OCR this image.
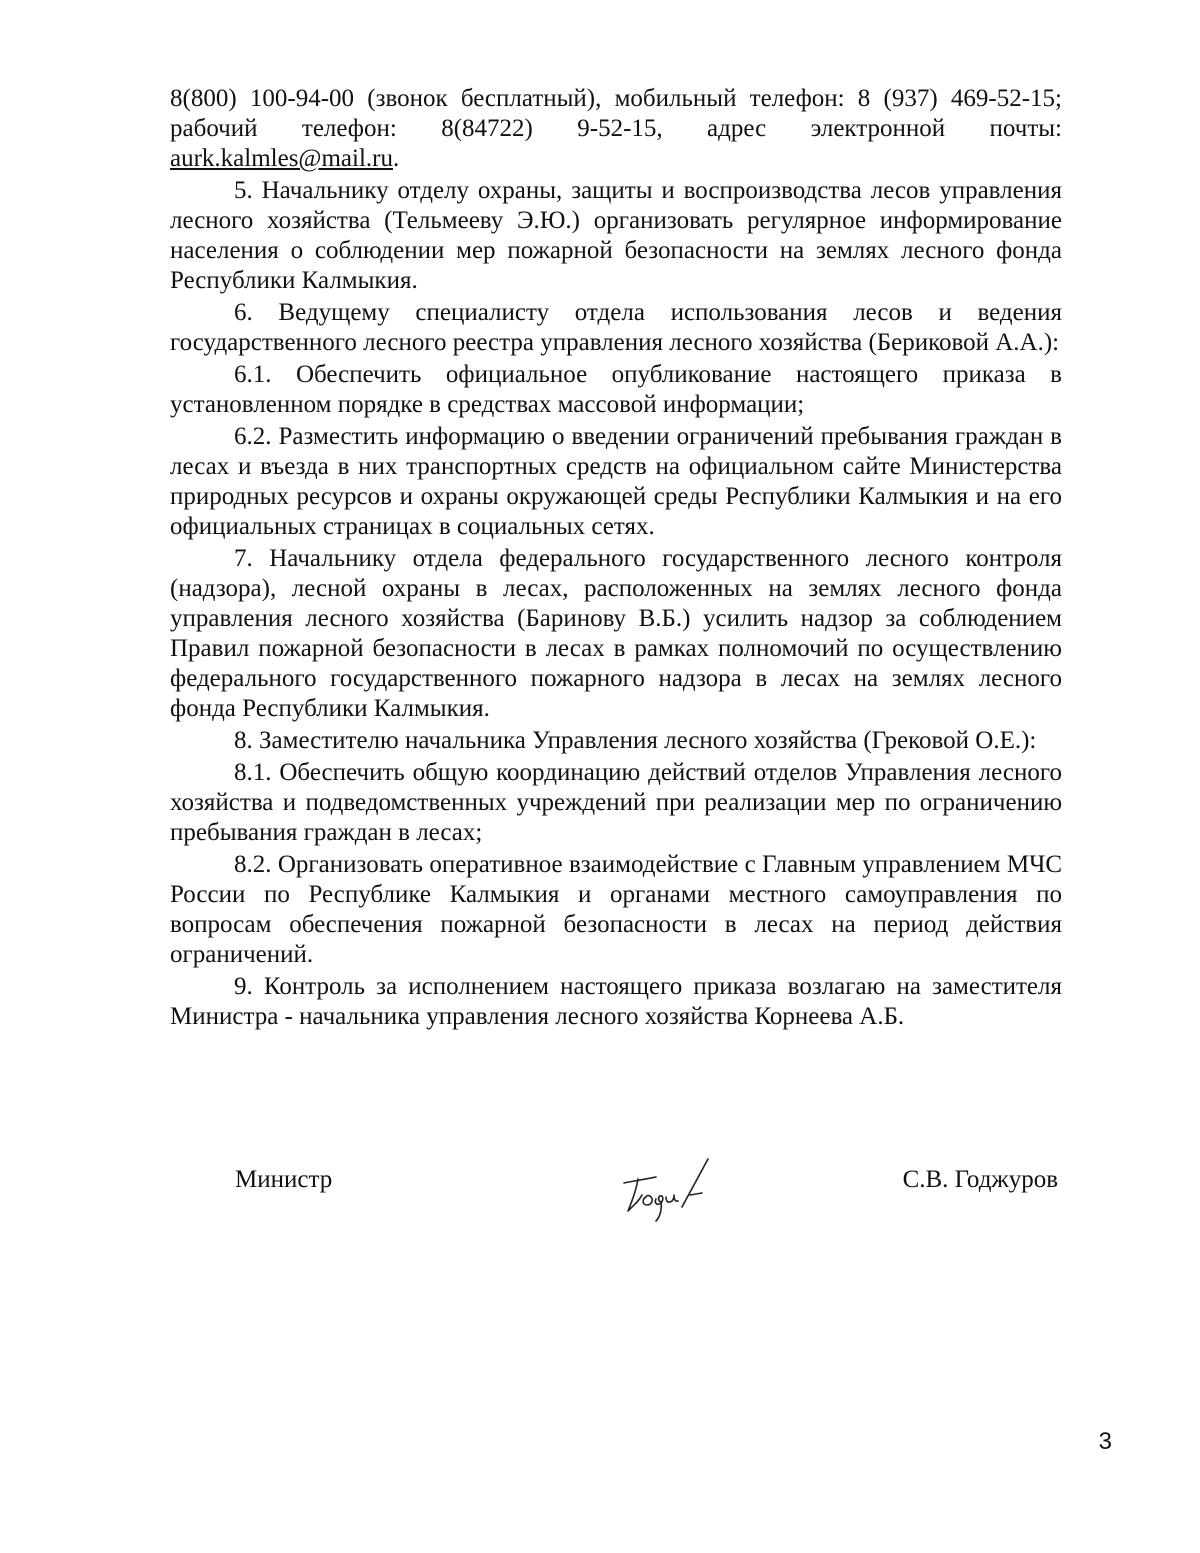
8(800) 100-94-00 (звонок бесплатный), мобильный телефон: 8 (937) 469-52-15; рабочий телефон: 8(84722) 9-52-15, адрес электронной почты: aurk.kalmles@mail.ru.

5. Начальнику отделу охраны, защиты и воспроизводства лесов управления лесного хозяйства (Тельмееву Э.Ю.) организовать регулярное информирование населения о соблюдении мер пожарной безопасности на землях лесного фонда Республики Калмыкия.

6. Ведущему специалисту отдела использования лесов и ведения государственного лесного реестра управления лесного хозяйства (Бериковой А.А.):

6.1. Обеспечить официальное опубликование настоящего приказа в установленном порядке в средствах массовой информации;

6.2. Разместить информацию о введении ограничений пребывания граждан в лесах и въезда в них транспортных средств на официальном сайте Министерства природных ресурсов и охраны окружающей среды Республики Калмыкия и на его официальных страницах в социальных сетях.

7. Начальнику отдела федерального государственного лесного контроля (надзора), лесной охраны в лесах, расположенных на землях лесного фонда управления лесного хозяйства (Баринову В.Б.) усилить надзор за соблюдением Правил пожарной безопасности в лесах в рамках полномочий по осуществлению федерального государственного пожарного надзора в лесах на землях лесного фонда Республики Калмыкия.

8. Заместителю начальника Управления лесного хозяйства (Грековой О.Е.):

8.1. Обеспечить общую координацию действий отделов Управления лесного хозяйства и подведомственных учреждений при реализации мер по ограничению пребывания граждан в лесах;

8.2. Организовать оперативное взаимодействие с Главным управлением МЧС России по Республике Калмыкия и органами местного самоуправления по вопросам обеспечения пожарной безопасности в лесах на период действия ограничений.

9. Контроль за исполнением настоящего приказа возлагаю на заместителя Министра - начальника управления лесного хозяйства Корнеева А.Б.

Министр	С.В. Годжуров
3
